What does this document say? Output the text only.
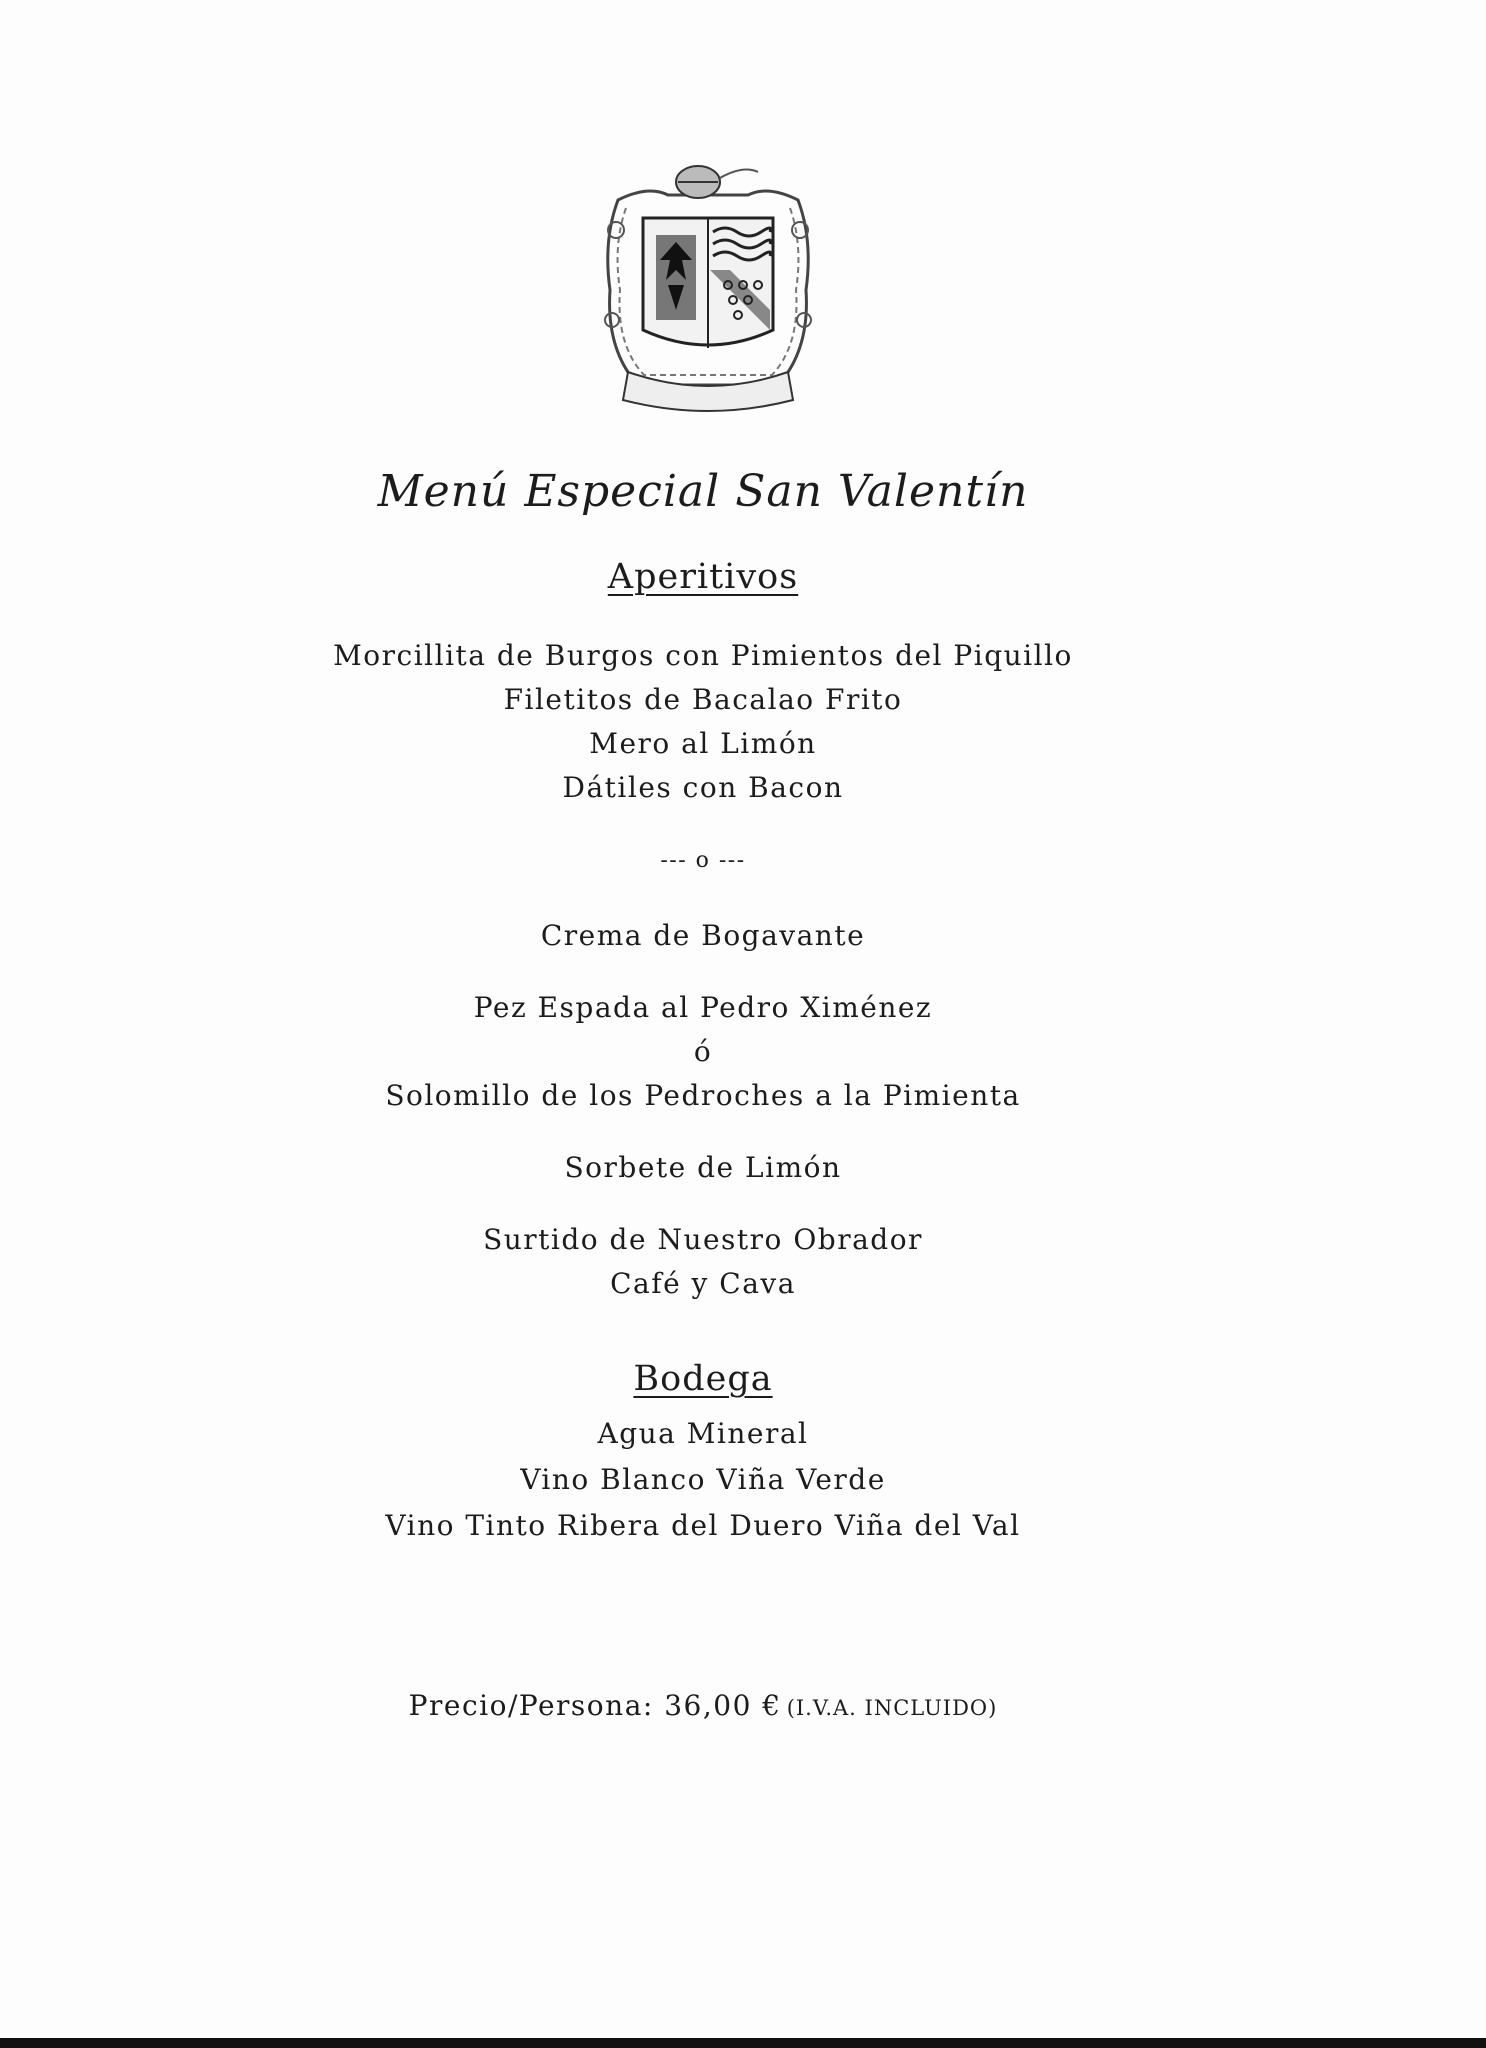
Menú Especial San Valentín
Aperitivos
Morcillita de Burgos con Pimientos del Piquillo
Filetitos de Bacalao Frito
Mero al Limón
Dátiles con Bacon
--- o ---
Crema de Bogavante
Pez Espada al Pedro Ximénez
ó
Solomillo de los Pedroches a la Pimienta
Sorbete de Limón
Surtido de Nuestro Obrador
Café y Cava
Bodega
Agua Mineral
Vino Blanco Viña Verde
Vino Tinto Ribera del Duero Viña del Val
Precio/Persona: 36,00 € (I.V.A. INCLUIDO)
